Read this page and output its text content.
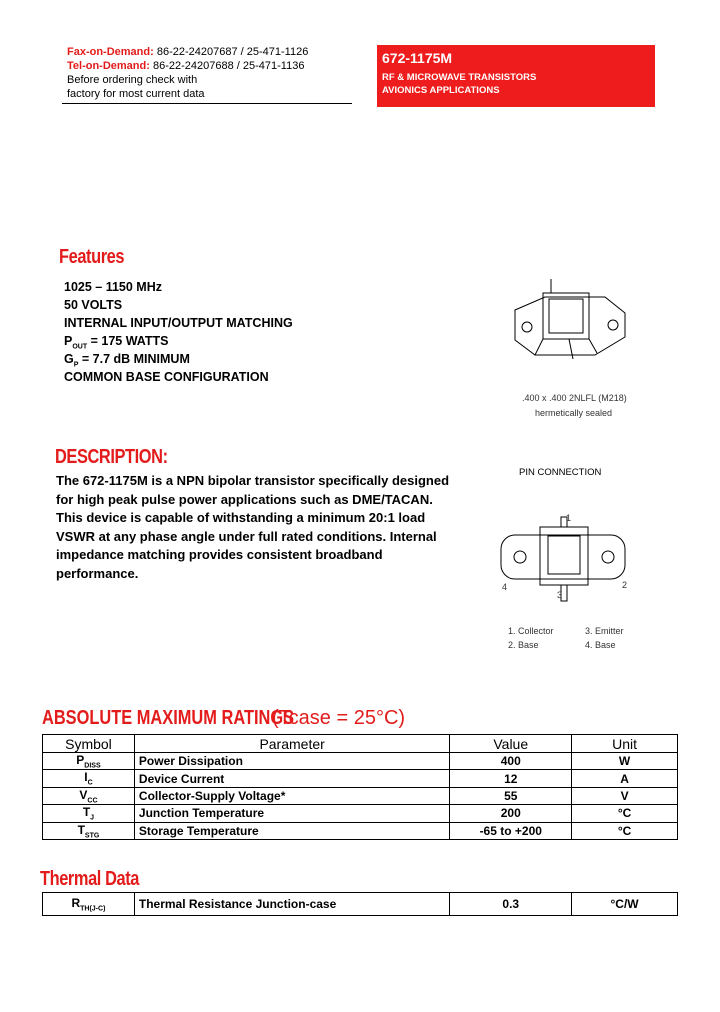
Fax-on-Demand: 86-22-24207687 / 25-471-1126
Tel-on-Demand: 86-22-24207688 / 25-471-1136
Before ordering check with
factory for most current data
672-1175M
RF & MICROWAVE TRANSISTORS
AVIONICS APPLICATIONS
Features
1025 – 1150 MHz
50 VOLTS
INTERNAL INPUT/OUTPUT MATCHING
$P_{OUT} = 175$ WATTS
$G_P = 7.7$ dB MINIMUM
COMMON BASE CONFIGURATION
.400 x .400 2NLFL (M218)
hermetically sealed
PIN CONNECTION
1
2
3
4
1. Collector
2. Base
3. Emitter
4. Base
DESCRIPTION:
The 672-1175M is a NPN bipolar transistor specifically designed
for high peak pulse power applications such as DME/TACAN.
This device is capable of withstanding a minimum 20:1 load
VSWR at any phase angle under full rated conditions. Internal
impedance matching provides consistent broadband
performance.
ABSOLUTE MAXIMUM RATINGS(Tcase = 25°C)
Symbol	Parameter	Value	Unit
$P_{DISS}$	Power Dissipation	400	W
$I_C$	Device Current	12	A
$V_{CC}$	Collector-Supply Voltage*	55	V
$T_J$	Junction Temperature	200	°C
$T_{STG}$	Storage Temperature	-65 to +200	°C
Thermal Data
$R_{TH(J-C)}$	Thermal Resistance Junction-case	0.3	°C/W
